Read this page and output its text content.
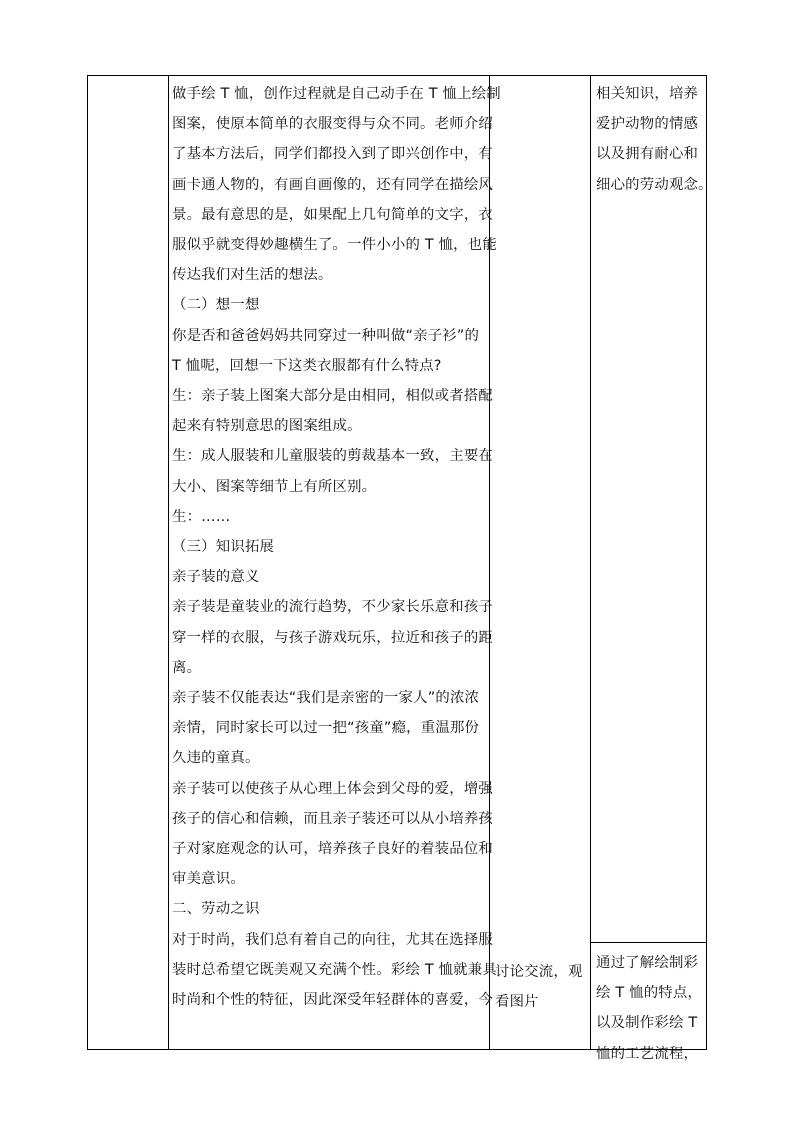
做手绘 T 恤，创作过程就是自己动手在 T 恤上绘制

图案，使原本简单的衣服变得与众不同。老师介绍

了基本方法后，同学们都投入到了即兴创作中，有

画卡通人物的，有画自画像的，还有同学在描绘风

景。最有意思的是，如果配上几句简单的文字，衣

服似乎就变得妙趣横生了。一件小小的 T 恤，也能

传达我们对生活的想法。

（二）想一想

你是否和爸爸妈妈共同穿过一种叫做“亲子衫”的

T 恤呢，回想一下这类衣服都有什么特点?

生：亲子装上图案大部分是由相同，相似或者搭配

起来有特别意思的图案组成。

生：成人服装和儿童服装的剪裁基本一致，主要在

大小、图案等细节上有所区别。

生：……

（三）知识拓展

亲子装的意义

亲子装是童装业的流行趋势，不少家长乐意和孩子

穿一样的衣服，与孩子游戏玩乐，拉近和孩子的距

离。

亲子装不仅能表达“我们是亲密的一家人”的浓浓

亲情，同时家长可以过一把“孩童”瘾，重温那份

久违的童真。

亲子装可以使孩子从心理上体会到父母的爱，增强

孩子的信心和信赖，而且亲子装还可以从小培养孩

子对家庭观念的认可，培养孩子良好的着装品位和

审美意识。

二、劳动之识

对于时尚，我们总有着自己的向往，尤其在选择服

装时总希望它既美观又充满个性。彩绘 T 恤就兼具

时尚和个性的特征，因此深受年轻群体的喜爱，今

讨论交流，观

看图片

相关知识，培养

爱护动物的情感

以及拥有耐心和

细心的劳动观念。

通过了解绘制彩

绘 T 恤的特点，

以及制作彩绘 T

恤的工艺流程，
